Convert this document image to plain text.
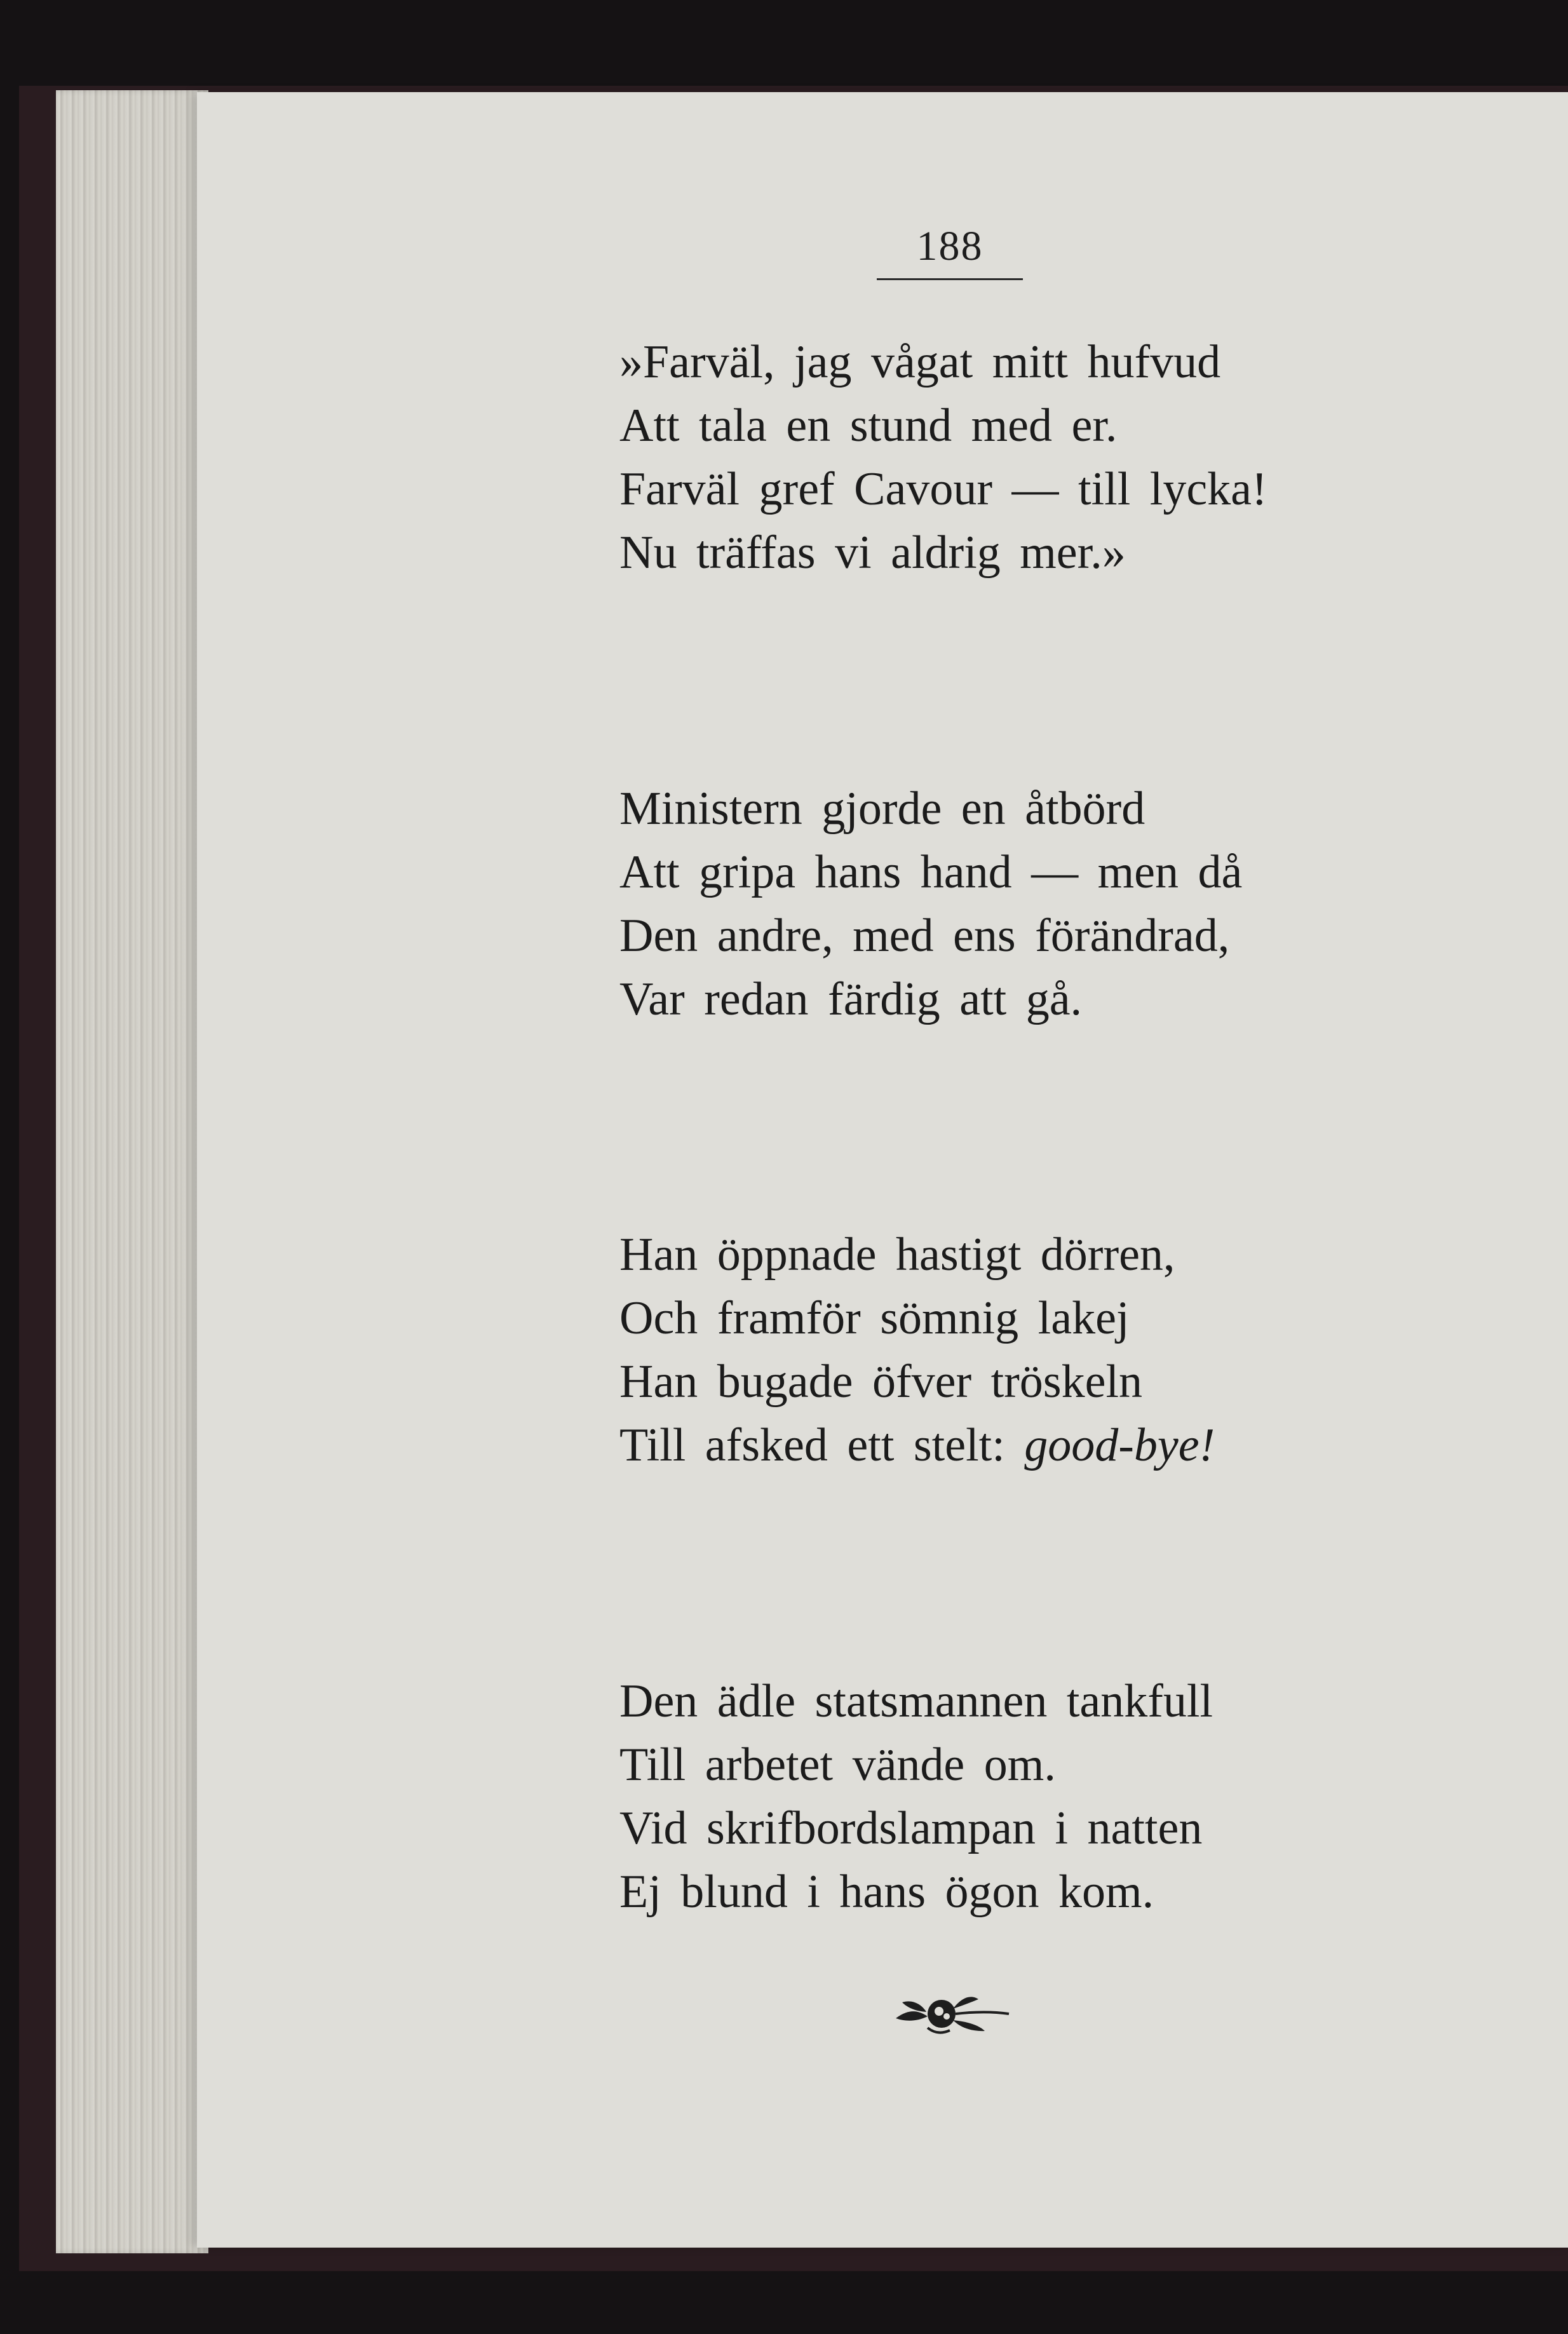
188
»Farväl, jag vågat mitt hufvud
Att tala en stund med er.
Farväl gref Cavour — till lycka!
Nu träffas vi aldrig mer.»
Ministern gjorde en åtbörd
Att gripa hans hand — men då
Den andre, med ens förändrad,
Var redan färdig att gå.
Han öppnade hastigt dörren,
Och framför sömnig lakej
Han bugade öfver tröskeln
Till afsked ett stelt: good-bye!
Den ädle statsmannen tankfull
Till arbetet vände om.
Vid skrifbordslampan i natten
Ej blund i hans ögon kom.
